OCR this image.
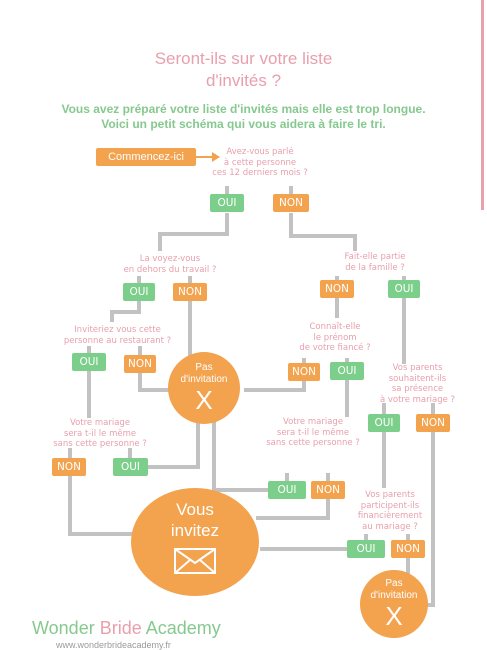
Seront-ils sur votre liste
d'invités ?
Vous avez préparé votre liste d'invités mais elle est trop longue.
Voici un petit schéma qui vous aidera à faire le tri.
Commencez-ici	Avez-vous parlé
à cette personne
ces 12 derniers mois ?
OUI	NON
La voyez-vous
en dehors du travail ?
OUI	NON
Fait-elle partie
de la famille ?
NON	OUI
Inviteriez vous cette
personne au restaurant ?
OUI	NON
Connaît-elle
le prénom
de votre fiancé ?
NON	OUI	Vos parents
souhaitent-ils
sa présence
à votre mariage ?
OUI	NON
Votre mariage
sera t-il le même
sans cette personne ?
NON	OUI
Votre mariage
sera t-il le même
sans cette personne ?
OUI	NON	Vos parents
participent-ils
financièrement
au mariage ?
OUI	NON
Pas
d'invitation
X
Vous
invitez
Pas
d'invitation
X
Wonder Bride Academy
www.wonderbrideacademy.fr
